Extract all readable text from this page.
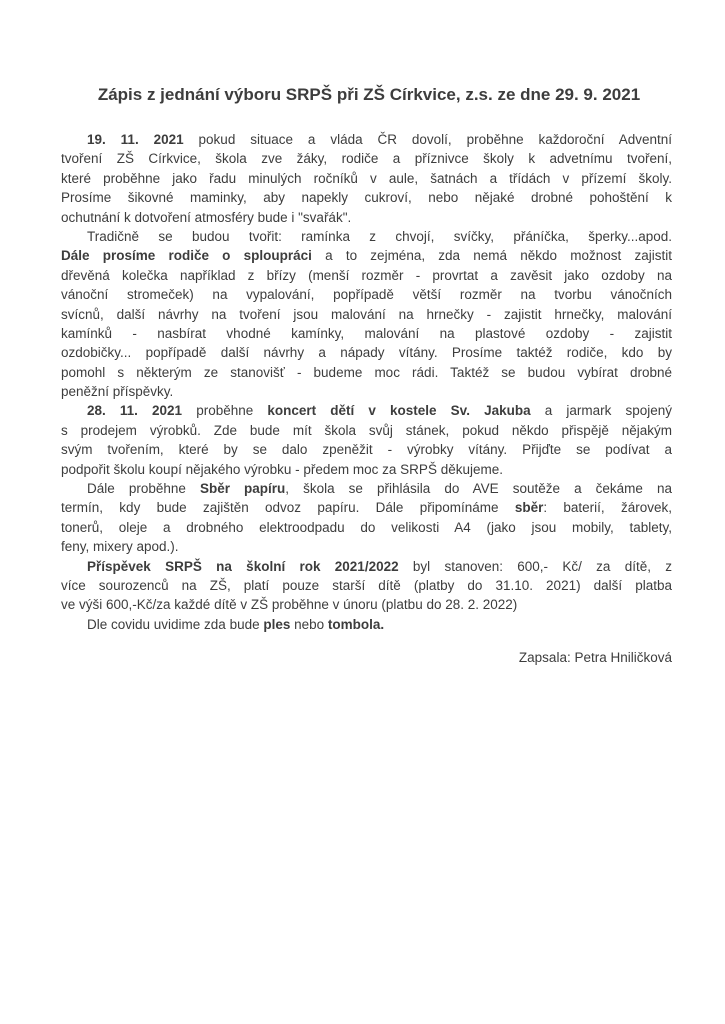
Zápis z jednání výboru SRPŠ při ZŠ Církvice, z.s. ze dne 29. 9. 2021
19. 11. 2021 pokud situace a vláda ČR dovolí, proběhne každoroční Adventní
tvoření ZŠ Církvice, škola zve žáky, rodiče a příznivce školy k advetnímu tvoření,
které proběhne jako řadu minulých ročníků v aule, šatnách a třídách v přízemí školy.
Prosíme šikovné maminky, aby napekly cukroví, nebo nějaké drobné pohoštění k
ochutnání k dotvoření atmosféry bude i "svařák".
Tradičně se budou tvořit: ramínka z chvojí, svíčky, přáníčka, šperky...apod.
Dále prosíme rodiče o sploupráci a to zejména, zda nemá někdo možnost zajistit
dřevěná kolečka například z břízy (menší rozměr - provrtat a zavěsit jako ozdoby na
vánoční stromeček) na vypalování, popřípadě větší rozměr na tvorbu vánočních
svícnů, další návrhy na tvoření jsou malování na hrnečky - zajistit hrnečky, malování
kamínků - nasbírat vhodné kamínky, malování na plastové ozdoby - zajistit
ozdobičky... popřípadě další návrhy a nápady vítány. Prosíme taktéž rodiče, kdo by
pomohl s některým ze stanovišť - budeme moc rádi. Taktéž se budou vybírat drobné
peněžní příspěvky.
28. 11. 2021 proběhne koncert dětí v kostele Sv. Jakuba a jarmark spojený
s prodejem výrobků. Zde bude mít škola svůj stánek, pokud někdo přispějě nějakým
svým tvořením, které by se dalo zpeněžit - výrobky vítány. Přijďte se podívat a
podpořit školu koupí nějakého výrobku - předem moc za SRPŠ děkujeme.
Dále proběhne Sběr papíru, škola se přihlásila do AVE soutěže a čekáme na
termín, kdy bude zajištěn odvoz papíru. Dále připomínáme sběr: baterií, žárovek,
tonerů, oleje a drobného elektroodpadu do velikosti A4 (jako jsou mobily, tablety,
feny, mixery apod.).
Příspěvek SRPŠ na školní rok 2021/2022 byl stanoven: 600,- Kč/ za dítě, z
více sourozenců na ZŠ, platí pouze starší dítě (platby do 31.10. 2021) další platba
ve výši 600,-Kč/za každé dítě v ZŠ proběhne v únoru (platbu do 28. 2. 2022)
Dle covidu uvidime zda bude ples nebo tombola.
Zapsala: Petra Hniličková
